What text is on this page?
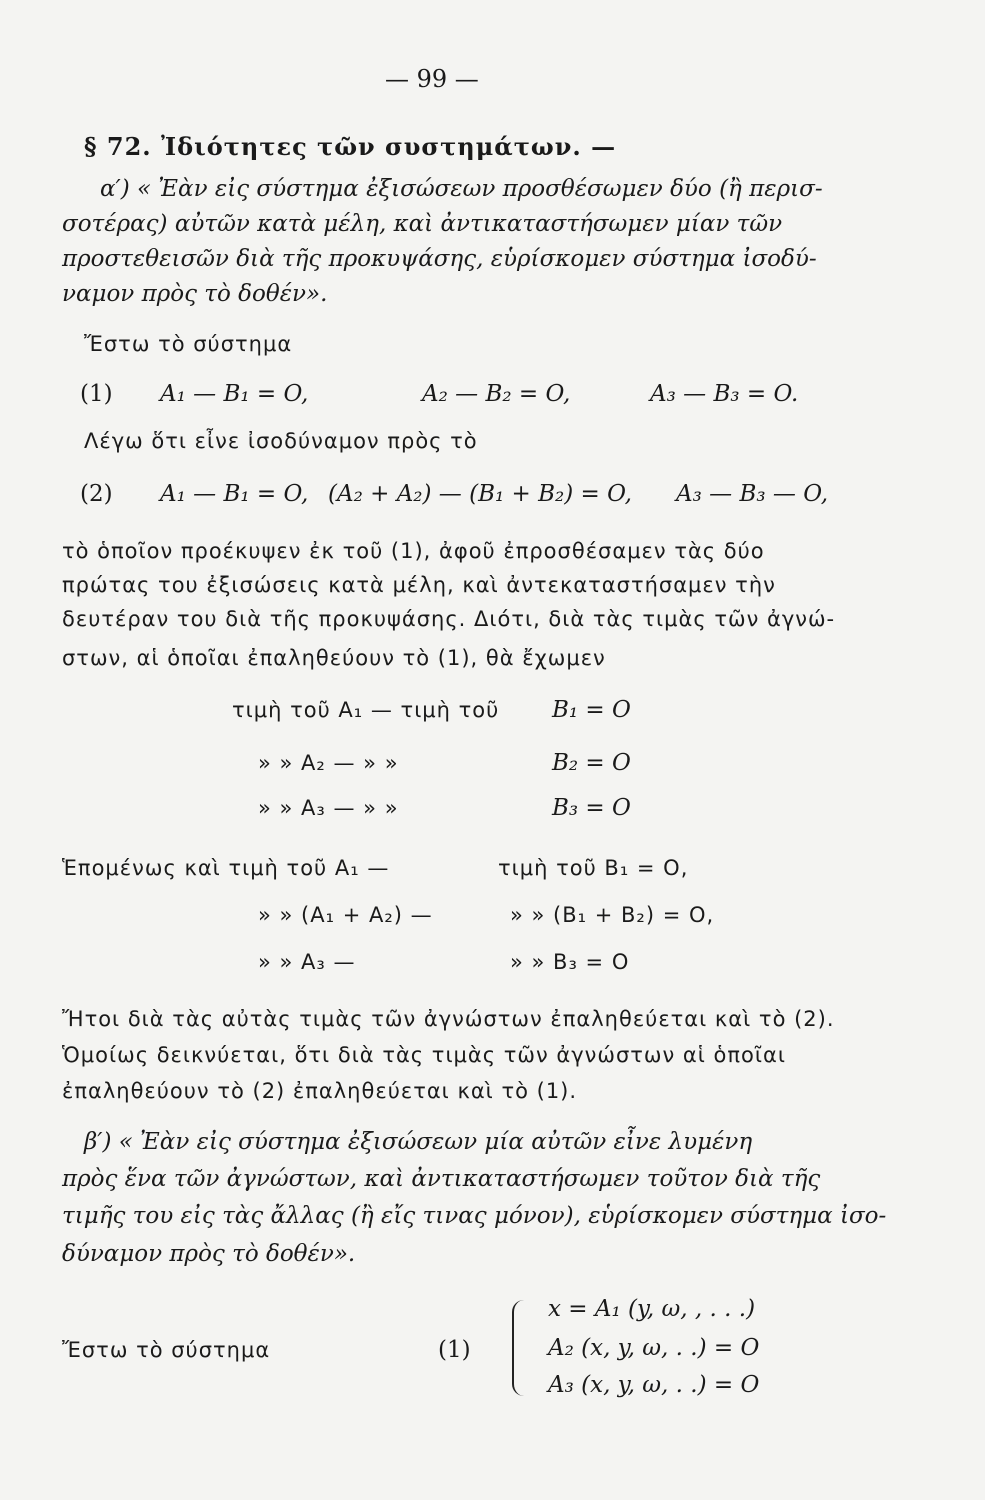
— 99 —
§ 72. Ἰδιότητες τῶν συστημάτων. —
α′) « Ἐὰν εἰς σύστημα ἐξισώσεων προσθέσωμεν δύο (ἢ περισ-
σοτέρας) αὐτῶν κατὰ μέλη, καὶ ἀντικαταστήσωμεν μίαν τῶν
προστεθεισῶν διὰ τῆς προκυψάσης, εὑρίσκομεν σύστημα ἰσοδύ-
ναμον πρὸς τὸ δοθέν».
Ἔστω τὸ σύστημα
(1) A₁ — B₁ = O,	A₂ — B₂ = O,	A₃ — B₃ = O.
Λέγω ὅτι εἶνε ἰσοδύναμον πρὸς τὸ
(2) A₁ — B₁ = O, (A₂ + A₂) — (B₁ + B₂) = O, A₃ — B₃ — O,
τὸ ὁποῖον προέκυψεν ἐκ τοῦ (1), ἀφοῦ ἐπροσθέσαμεν τὰς δύο
πρώτας του ἐξισώσεις κατὰ μέλη, καὶ ἀντεκαταστήσαμεν τὴν
δευτέραν του διὰ τῆς προκυψάσης. Διότι, διὰ τὰς τιμὰς τῶν ἀγνώ-
στων, αἱ ὁποῖαι ἐπαληθεύουν τὸ (1), θὰ ἔχωμεν
τιμὴ τοῦ A₁ — τιμὴ τοῦ B₁ = O
» » A₂ — » »	B₂ = O
» » A₃ — » »	B₃ = O
Ἑπομένως καὶ τιμὴ τοῦ A₁ —	τιμὴ τοῦ B₁ = O,
» » (A₁ + A₂) —	» » (B₁ + B₂) = O,
» » A₃ —	» » B₃ = O
Ἤτοι διὰ τὰς αὐτὰς τιμὰς τῶν ἀγνώστων ἐπαληθεύεται καὶ τὸ (2).
Ὁμοίως δεικνύεται, ὅτι διὰ τὰς τιμὰς τῶν ἀγνώστων αἱ ὁποῖαι
ἐπαληθεύουν τὸ (2) ἐπαληθεύεται καὶ τὸ (1).
β′) « Ἐὰν εἰς σύστημα ἐξισώσεων μία αὐτῶν εἶνε λυμένη
πρὸς ἕνα τῶν ἀγνώστων, καὶ ἀντικαταστήσωμεν τοῦτον διὰ τῆς
τιμῆς του εἰς τὰς ἄλλας (ἢ εἴς τινας μόνον), εὑρίσκομεν σύστημα ἰσο-
δύναμον πρὸς τὸ δοθέν».
Ἔστω τὸ σύστημα	(1)
x = A₁ (y, ω, , . . .)
A₂ (x, y, ω, . .) = O
A₃ (x, y, ω, . .) = O
